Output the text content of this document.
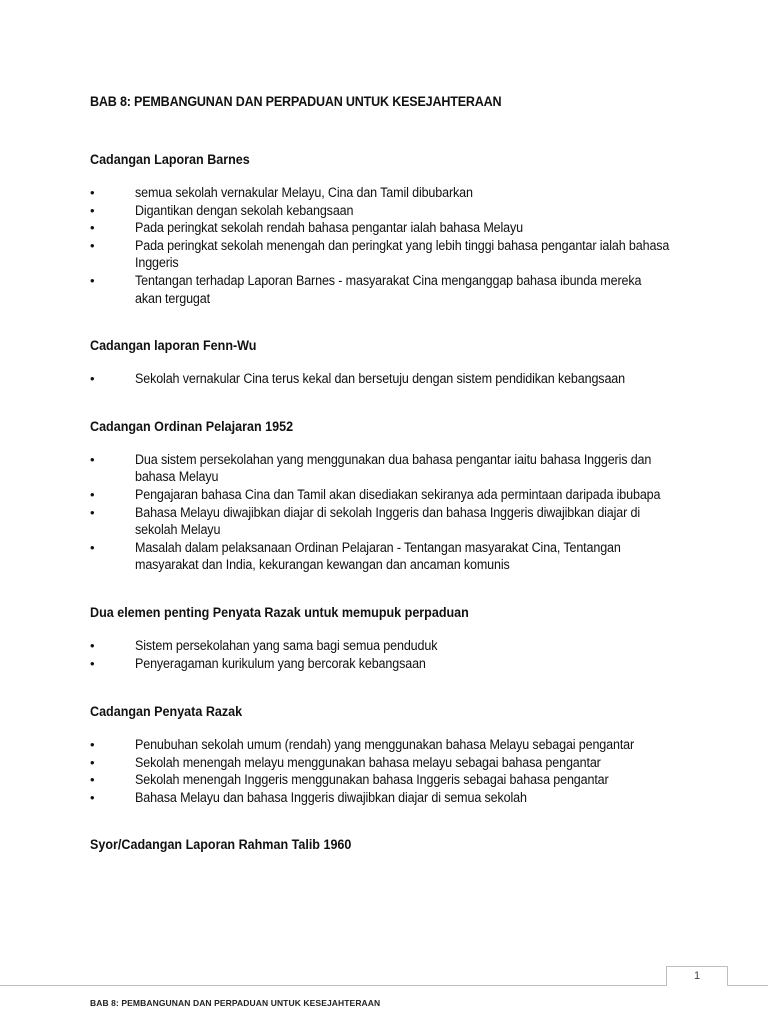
BAB 8: PEMBANGUNAN DAN PERPADUAN UNTUK KESEJAHTERAAN
Cadangan Laporan Barnes
•	semua sekolah vernakular Melayu, Cina dan Tamil dibubarkan
•	Digantikan dengan sekolah kebangsaan
•	Pada peringkat sekolah rendah bahasa pengantar ialah bahasa Melayu
•	Pada peringkat sekolah menengah dan peringkat yang lebih tinggi bahasa pengantar ialah bahasa Inggeris
•	Tentangan terhadap Laporan Barnes - masyarakat Cina menganggap bahasa ibunda mereka akan tergugat
Cadangan laporan Fenn-Wu
•	Sekolah vernakular Cina terus kekal dan bersetuju dengan sistem pendidikan kebangsaan
Cadangan Ordinan Pelajaran 1952
•	Dua sistem persekolahan yang menggunakan dua bahasa pengantar iaitu bahasa Inggeris dan bahasa Melayu
•	Pengajaran bahasa Cina dan Tamil akan disediakan sekiranya ada permintaan daripada ibubapa
•	Bahasa Melayu diwajibkan diajar di sekolah Inggeris dan bahasa Inggeris diwajibkan diajar di sekolah Melayu
•	Masalah dalam pelaksanaan Ordinan Pelajaran - Tentangan masyarakat Cina, Tentangan masyarakat dan India, kekurangan kewangan dan ancaman komunis
Dua elemen penting Penyata Razak untuk memupuk perpaduan
•	Sistem persekolahan yang sama bagi semua penduduk
•	Penyeragaman kurikulum yang bercorak kebangsaan
Cadangan Penyata Razak
•	Penubuhan sekolah umum (rendah) yang menggunakan bahasa Melayu sebagai pengantar
•	Sekolah menengah melayu menggunakan bahasa melayu sebagai bahasa pengantar
•	Sekolah menengah Inggeris menggunakan bahasa Inggeris sebagai bahasa pengantar
•	Bahasa Melayu dan bahasa Inggeris diwajibkan diajar di semua sekolah
Syor/Cadangan Laporan Rahman Talib 1960
1
BAB 8: PEMBANGUNAN DAN PERPADUAN UNTUK KESEJAHTERAAN
